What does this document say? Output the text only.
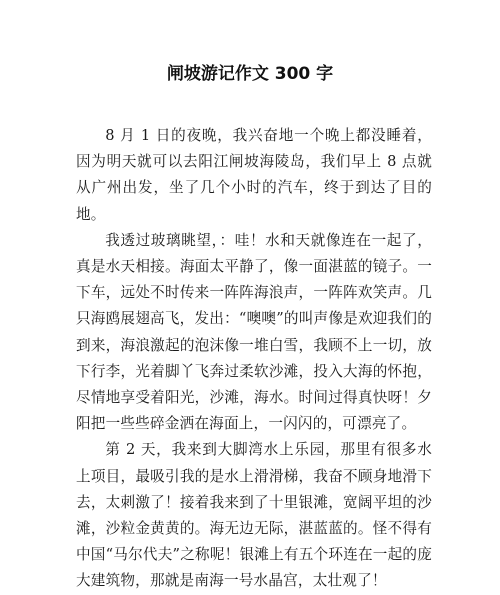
闸坡游记作文 300 字

8 月 1 日的夜晚，我兴奋地一个晚上都没睡着，因为明天就可以去阳江闸坡海陵岛，我们早上 8 点就从广州出发，坐了几个小时的汽车，终于到达了目的地。

我透过玻璃眺望，：哇！水和天就像连在一起了，真是水天相接。海面太平静了，像一面湛蓝的镜子。一下车，远处不时传来一阵阵海浪声，一阵阵欢笑声。几只海鸥展翅高飞，发出：“噢噢”的叫声像是欢迎我们的到来，海浪激起的泡沫像一堆白雪，我顾不上一切，放下行李，光着脚丫飞奔过柔软沙滩，投入大海的怀抱，尽情地享受着阳光，沙滩，海水。时间过得真快呀！夕阳把一些些碎金洒在海面上，一闪闪的，可漂亮了。

第 2 天，我来到大脚湾水上乐园，那里有很多水上项目，最吸引我的是水上滑滑梯，我奋不顾身地滑下去，太刺激了！接着我来到了十里银滩，宽阔平坦的沙滩，沙粒金黄黄的。海无边无际，湛蓝蓝的。怪不得有中国“马尔代夫”之称呢！银滩上有五个环连在一起的庞大建筑物，那就是南海一号水晶宫，太壮观了！
